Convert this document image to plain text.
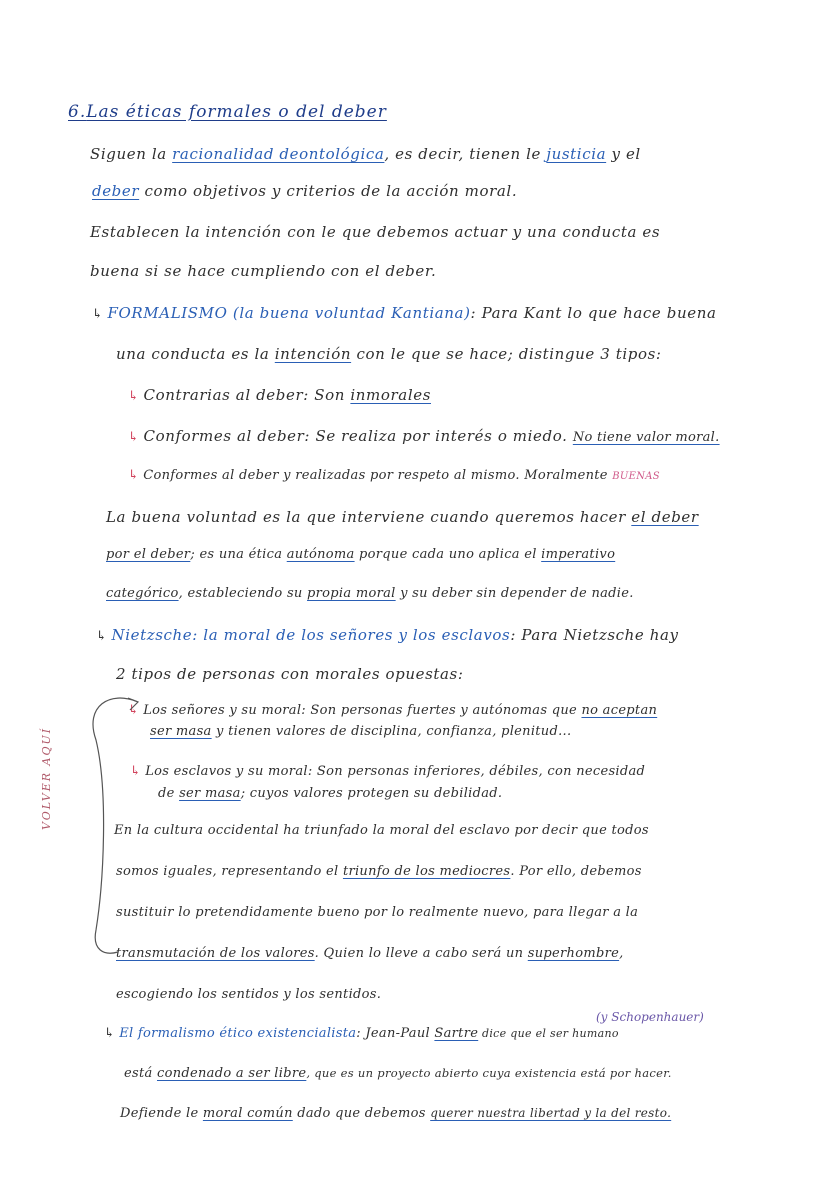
6.Las éticas formales o del deber
Siguen la racionalidad deontológica, es decir, tienen le justicia y el
deber como objetivos y criterios de la acción moral.
Establecen la intención con le que debemos actuar y una conducta es
buena si se hace cumpliendo con el deber.
↳ FORMALISMO (la buena voluntad Kantiana): Para Kant lo que hace buena
una conducta es la intención con le que se hace; distingue 3 tipos:
↳ Contrarias al deber: Son inmorales
↳ Conformes al deber: Se realiza por interés o miedo. No tiene valor moral.
↳ Conformes al deber y realizadas por respeto al mismo. Moralmente BUENAS
La buena voluntad es la que interviene cuando queremos hacer el deber
por el deber; es una ética autónoma porque cada uno aplica el imperativo
categórico, estableciendo su propia moral y su deber sin depender de nadie.
↳ Nietzsche: la moral de los señores y los esclavos: Para Nietzsche hay
2 tipos de personas con morales opuestas:
↳ Los señores y su moral: Son personas fuertes y autónomas que no aceptan
ser masa y tienen valores de disciplina, confianza, plenitud...
↳ Los esclavos y su moral: Son personas inferiores, débiles, con necesidad
de ser masa; cuyos valores protegen su debilidad.
En la cultura occidental ha triunfado la moral del esclavo por decir que todos
somos iguales, representando el triunfo de los mediocres. Por ello, debemos
sustituir lo pretendidamente bueno por lo realmente nuevo, para llegar a la
transmutación de los valores. Quien lo lleve a cabo será un superhombre,
escogiendo los sentidos y los sentidos.
VOLVER AQUÍ
↳ El formalismo ético existencialista: Jean-Paul Sartre dice que el ser humano
(y Schopenhauer)
está condenado a ser libre, que es un proyecto abierto cuya existencia está por hacer.
Defiende le moral común dado que debemos querer nuestra libertad y la del resto.
